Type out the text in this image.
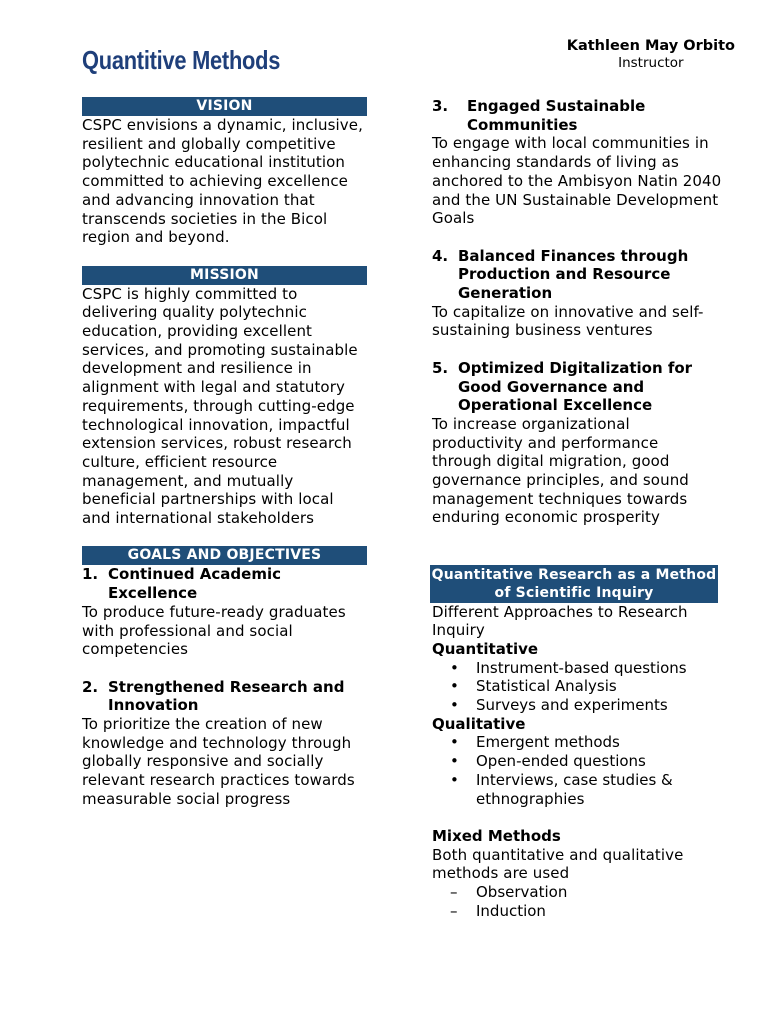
Quantitive Methods	Kathleen May Orbito
Instructor
VISION
CSPC envisions a dynamic, inclusive, resilient and globally competitive polytechnic educational institution committed to achieving excellence and advancing innovation that transcends societies in the Bicol region and beyond.
MISSION
CSPC is highly committed to delivering quality polytechnic education, providing excellent services, and promoting sustainable development and resilience in alignment with legal and statutory requirements, through cutting-edge technological innovation, impactful extension services, robust research culture, efficient resource management, and mutually beneficial partnerships with local and international stakeholders
GOALS AND OBJECTIVES
1. Continued Academic Excellence
To produce future-ready graduates with professional and social competencies
2. Strengthened Research and Innovation
To prioritize the creation of new knowledge and technology through globally responsive and socially relevant research practices towards measurable social progress
3. Engaged Sustainable Communities
To engage with local communities in enhancing standards of living as anchored to the Ambisyon Natin 2040 and the UN Sustainable Development Goals
4. Balanced Finances through Production and Resource Generation
To capitalize on innovative and self-sustaining business ventures
5. Optimized Digitalization for Good Governance and Operational Excellence
To increase organizational productivity and performance through digital migration, good governance principles, and sound management techniques towards enduring economic prosperity
Quantitative Research as a Method of Scientific Inquiry
Different Approaches to Research Inquiry
Quantitative
• Instrument-based questions
• Statistical Analysis
• Surveys and experiments
Qualitative
• Emergent methods
• Open-ended questions
• Interviews, case studies & ethnographies
Mixed Methods
Both quantitative and qualitative methods are used
– Observation
– Induction
